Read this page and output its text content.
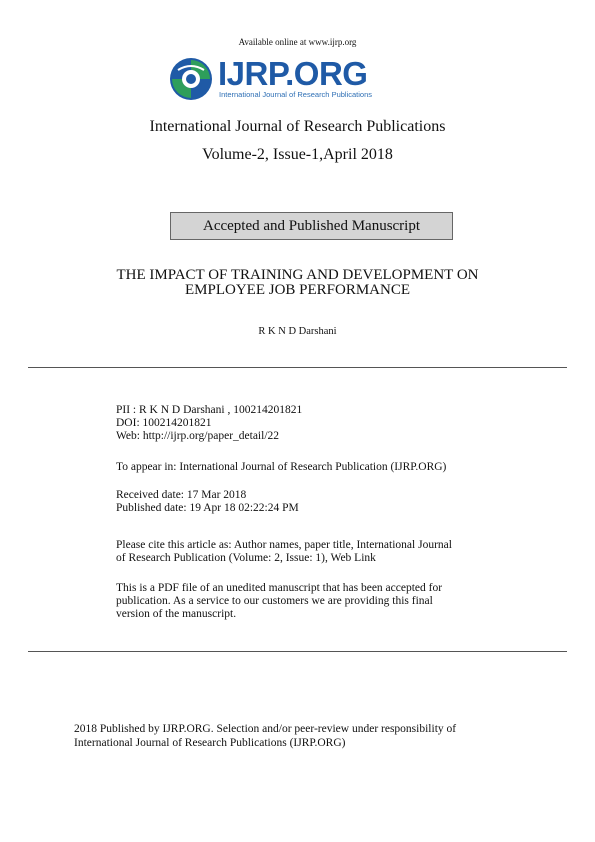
Available online at www.ijrp.org
IJRP.ORG
International Journal of Research Publications
International Journal of Research Publications
Volume-2, Issue-1,April 2018
Accepted and Published Manuscript
THE IMPACT OF TRAINING AND DEVELOPMENT ON
EMPLOYEE JOB PERFORMANCE
R K N D Darshani
PII : R K N D Darshani , 100214201821
DOI: 100214201821
Web: http://ijrp.org/paper_detail/22
To appear in: International Journal of Research Publication (IJRP.ORG)
Received date: 17 Mar 2018
Published date: 19 Apr 18 02:22:24 PM
Please cite this article as: Author names, paper title, International Journal
of Research Publication (Volume: 2, Issue: 1), Web Link
This is a PDF file of an unedited manuscript that has been accepted for
publication. As a service to our customers we are providing this final
version of the manuscript.
2018 Published by IJRP.ORG. Selection and/or peer-review under responsibility of
International Journal of Research Publications (IJRP.ORG)
